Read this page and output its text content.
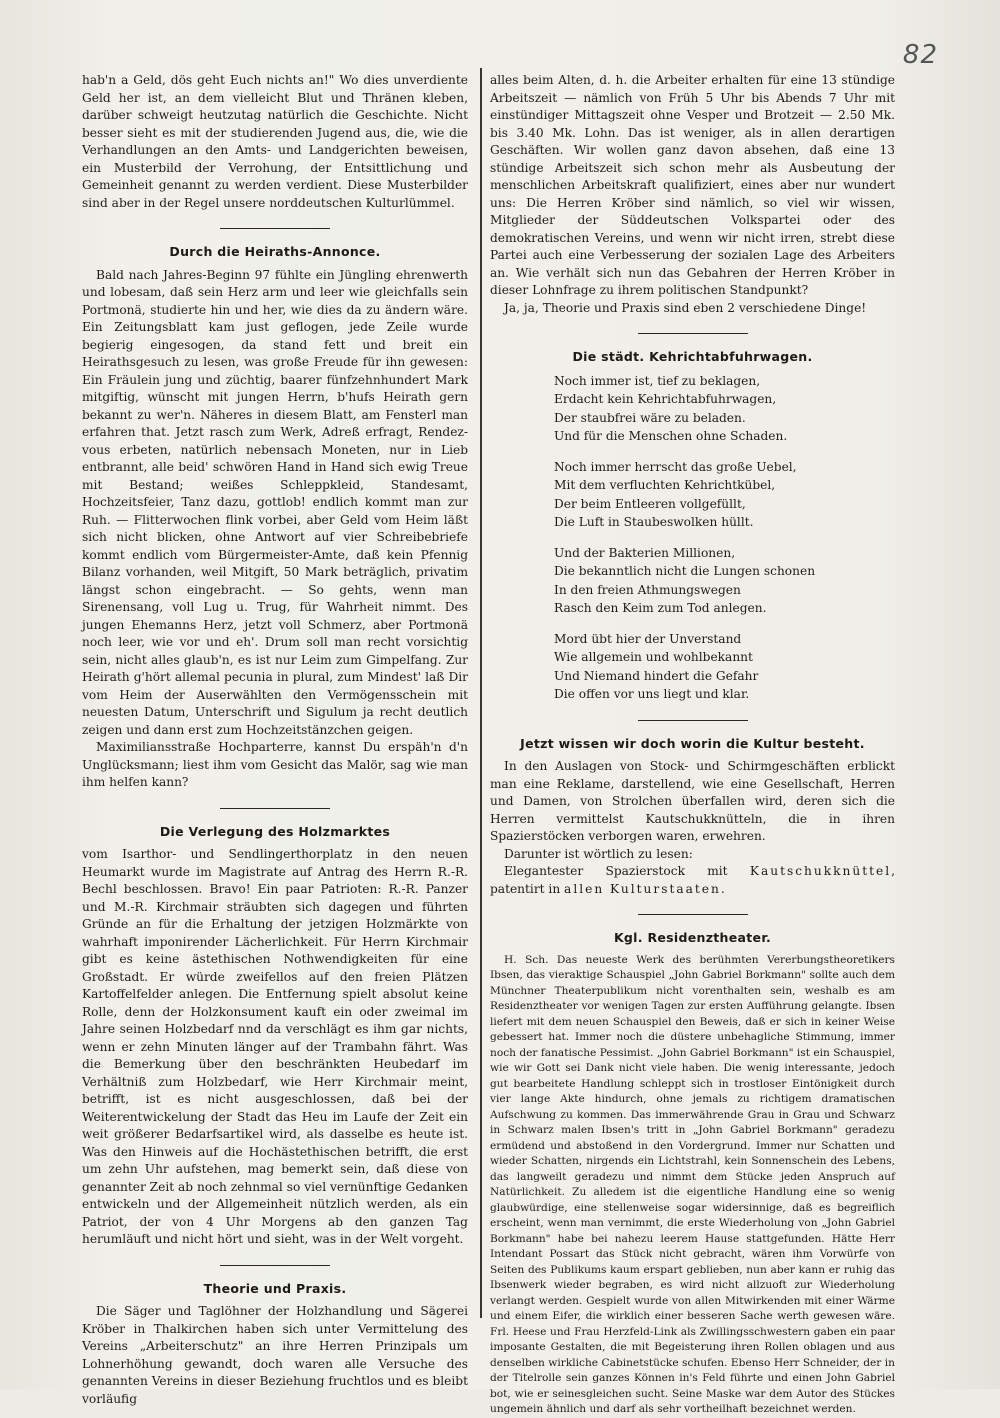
82

hab'n a Geld, dös geht Euch nichts an!" Wo dies unverdiente Geld her ist, an dem vielleicht Blut und Thränen kleben, darüber schweigt heutzutag natürlich die Geschichte. Nicht besser sieht es mit der studierenden Jugend aus, die, wie die Verhandlungen an den Amts- und Landgerichten beweisen, ein Musterbild der Verrohung, der Entsittlichung und Gemeinheit genannt zu werden verdient. Diese Musterbilder sind aber in der Regel unsere norddeutschen Kulturlümmel.

Durch die Heiraths-Annonce.

Bald nach Jahres-Beginn 97 fühlte ein Jüngling ehrenwerth und lobesam, daß sein Herz arm und leer wie gleichfalls sein Portmonä, studierte hin und her, wie dies da zu ändern wäre. Ein Zeitungsblatt kam just geflogen, jede Zeile wurde begierig eingesogen, da stand fett und breit ein Heirathsgesuch zu lesen, was große Freude für ihn gewesen: Ein Fräulein jung und züchtig, baarer fünfzehnhundert Mark mitgiftig, wünscht mit jungen Herrn, b'hufs Heirath gern bekannt zu wer'n. Näheres in diesem Blatt, am Fensterl man erfahren that. Jetzt rasch zum Werk, Adreß erfragt, Rendez-vous erbeten, natürlich nebensach Moneten, nur in Lieb entbrannt, alle beid' schwören Hand in Hand sich ewig Treue mit Bestand; weißes Schleppkleid, Standesamt, Hochzeitsfeier, Tanz dazu, gottlob! endlich kommt man zur Ruh. — Flitterwochen flink vorbei, aber Geld vom Heim läßt sich nicht blicken, ohne Antwort auf vier Schreibebriefe kommt endlich vom Bürgermeister-Amte, daß kein Pfennig Bilanz vorhanden, weil Mitgift, 50 Mark beträglich, privatim längst schon eingebracht. — So gehts, wenn man Sirenensang, voll Lug u. Trug, für Wahrheit nimmt. Des jungen Ehemanns Herz, jetzt voll Schmerz, aber Portmonä noch leer, wie vor und eh'. Drum soll man recht vorsichtig sein, nicht alles glaub'n, es ist nur Leim zum Gimpelfang. Zur Heirath g'hört allemal pecunia in plural, zum Mindest' laß Dir vom Heim der Auserwählten den Vermögensschein mit neuesten Datum, Unterschrift und Sigulum ja recht deutlich zeigen und dann erst zum Hochzeitstänzchen geigen.

Maximiliansstraße Hochparterre, kannst Du erspäh'n d'n Unglücksmann; liest ihm vom Gesicht das Malör, sag wie man ihm helfen kann?

Die Verlegung des Holzmarktes

vom Isarthor- und Sendlingerthorplatz in den neuen Heumarkt wurde im Magistrate auf Antrag des Herrn R.-R. Bechl beschlossen. Bravo! Ein paar Patrioten: R.-R. Panzer und M.-R. Kirchmair sträubten sich dagegen und führten Gründe an für die Erhaltung der jetzigen Holzmärkte von wahrhaft imponirender Lächerlichkeit. Für Herrn Kirchmair gibt es keine ästethischen Nothwendigkeiten für eine Großstadt. Er würde zweifellos auf den freien Plätzen Kartoffelfelder anlegen. Die Entfernung spielt absolut keine Rolle, denn der Holzkonsument kauft ein oder zweimal im Jahre seinen Holzbedarf nnd da verschlägt es ihm gar nichts, wenn er zehn Minuten länger auf der Trambahn fährt. Was die Bemerkung über den beschränkten Heubedarf im Verhältniß zum Holzbedarf, wie Herr Kirchmair meint, betrifft, ist es nicht ausgeschlossen, daß bei der Weiterentwickelung der Stadt das Heu im Laufe der Zeit ein weit größerer Bedarfsartikel wird, als dasselbe es heute ist. Was den Hinweis auf die Hochästethischen betrifft, die erst um zehn Uhr aufstehen, mag bemerkt sein, daß diese von genannter Zeit ab noch zehnmal so viel vernünftige Gedanken entwickeln und der Allgemeinheit nützlich werden, als ein Patriot, der von 4 Uhr Morgens ab den ganzen Tag herumläuft und nicht hört und sieht, was in der Welt vorgeht.

Theorie und Praxis.

Die Säger und Taglöhner der Holzhandlung und Sägerei Kröber in Thalkirchen haben sich unter Vermittelung des Vereins „Arbeiterschutz" an ihre Herren Prinzipals um Lohnerhöhung gewandt, doch waren alle Versuche des genannten Vereins in dieser Beziehung fruchtlos und es bleibt vorläufig

alles beim Alten, d. h. die Arbeiter erhalten für eine 13 stündige Arbeitszeit — nämlich von Früh 5 Uhr bis Abends 7 Uhr mit einstündiger Mittagszeit ohne Vesper und Brotzeit — 2.50 Mk. bis 3.40 Mk. Lohn. Das ist weniger, als in allen derartigen Geschäften. Wir wollen ganz davon absehen, daß eine 13 stündige Arbeitszeit sich schon mehr als Ausbeutung der menschlichen Arbeitskraft qualifiziert, eines aber nur wundert uns: Die Herren Kröber sind nämlich, so viel wir wissen, Mitglieder der Süddeutschen Volkspartei oder des demokratischen Vereins, und wenn wir nicht irren, strebt diese Partei auch eine Verbesserung der sozialen Lage des Arbeiters an. Wie verhält sich nun das Gebahren der Herren Kröber in dieser Lohnfrage zu ihrem politischen Standpunkt?

Ja, ja, Theorie und Praxis sind eben 2 verschiedene Dinge!

Die städt. Kehrichtabfuhrwagen.
Noch immer ist, tief zu beklagen,
Erdacht kein Kehrichtabfuhrwagen,
Der staubfrei wäre zu beladen.
Und für die Menschen ohne Schaden.
Noch immer herrscht das große Uebel,
Mit dem verfluchten Kehrichtkübel,
Der beim Entleeren vollgefüllt,
Die Luft in Staubeswolken hüllt.
Und der Bakterien Millionen,
Die bekanntlich nicht die Lungen schonen
In den freien Athmungswegen
Rasch den Keim zum Tod anlegen.
Mord übt hier der Unverstand
Wie allgemein und wohlbekannt
Und Niemand hindert die Gefahr
Die offen vor uns liegt und klar.
Jetzt wissen wir doch worin die Kultur besteht.

In den Auslagen von Stock- und Schirmgeschäften erblickt man eine Reklame, darstellend, wie eine Gesellschaft, Herren und Damen, von Strolchen überfallen wird, deren sich die Herren vermittelst Kautschukknütteln, die in ihren Spazierstöcken verborgen waren, erwehren.

Darunter ist wörtlich zu lesen:

Elegantester Spazierstock mit Kautschukknüttel, patentirt in allen Kulturstaaten.

Kgl. Residenztheater.

H. Sch. Das neueste Werk des berühmten Vererbungstheoretikers Ibsen, das vieraktige Schauspiel „John Gabriel Borkmann" sollte auch dem Münchner Theaterpublikum nicht vorenthalten sein, weshalb es am Residenztheater vor wenigen Tagen zur ersten Aufführung gelangte. Ibsen liefert mit dem neuen Schauspiel den Beweis, daß er sich in keiner Weise gebessert hat. Immer noch die düstere unbehagliche Stimmung, immer noch der fanatische Pessimist. „John Gabriel Borkmann" ist ein Schauspiel, wie wir Gott sei Dank nicht viele haben. Die wenig interessante, jedoch gut bearbeitete Handlung schleppt sich in trostloser Eintönigkeit durch vier lange Akte hindurch, ohne jemals zu richtigem dramatischen Aufschwung zu kommen. Das immerwährende Grau in Grau und Schwarz in Schwarz malen Ibsen's tritt in „John Gabriel Borkmann" geradezu ermüdend und abstoßend in den Vordergrund. Immer nur Schatten und wieder Schatten, nirgends ein Lichtstrahl, kein Sonnenschein des Lebens, das langweilt geradezu und nimmt dem Stücke jeden Anspruch auf Natürlichkeit. Zu alledem ist die eigentliche Handlung eine so wenig glaubwürdige, eine stellenweise sogar widersinnige, daß es begreiflich erscheint, wenn man vernimmt, die erste Wiederholung von „John Gabriel Borkmann" habe bei nahezu leerem Hause stattgefunden. Hätte Herr Intendant Possart das Stück nicht gebracht, wären ihm Vorwürfe von Seiten des Publikums kaum erspart geblieben, nun aber kann er ruhig das Ibsenwerk wieder begraben, es wird nicht allzuoft zur Wiederholung verlangt werden. Gespielt wurde von allen Mitwirkenden mit einer Wärme und einem Eifer, die wirklich einer besseren Sache werth gewesen wäre. Frl. Heese und Frau Herzfeld-Link als Zwillingsschwestern gaben ein paar imposante Gestalten, die mit Begeisterung ihren Rollen oblagen und aus denselben wirkliche Cabinetstücke schufen. Ebenso Herr Schneider, der in der Titelrolle sein ganzes Können in's Feld führte und einen John Gabriel bot, wie er seinesgleichen sucht. Seine Maske war dem Autor des Stückes ungemein ähnlich und darf als sehr vortheilhaft bezeichnet werden.
